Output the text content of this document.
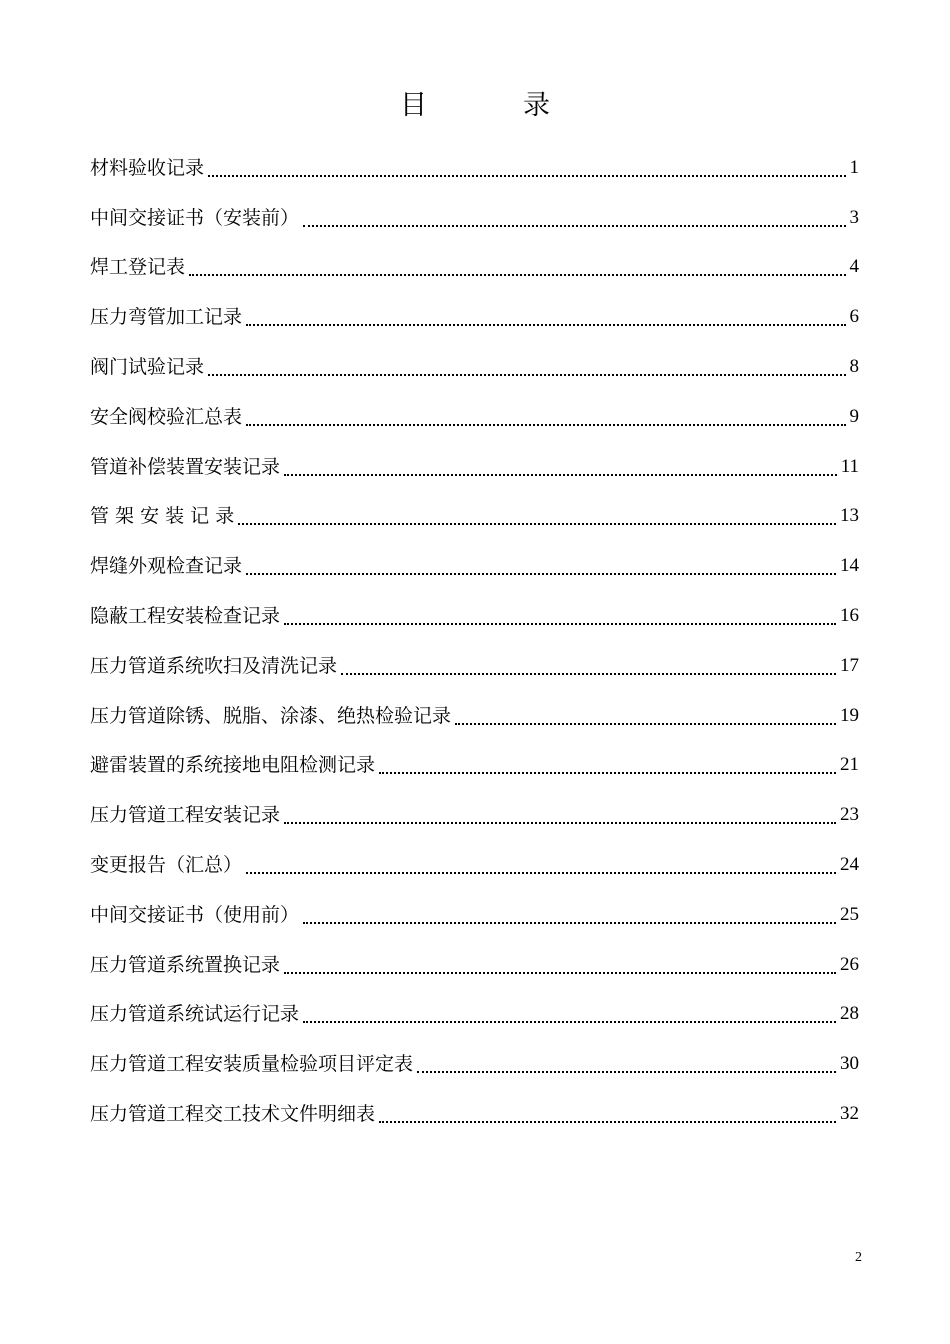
目	录
材料验收记录	1
中间交接证书（安装前）	3
焊工登记表	4
压力弯管加工记录	6
阀门试验记录	8
安全阀校验汇总表	9
管道补偿装置安装记录	11
管 架 安 装 记 录	13
焊缝外观检查记录	14
隐蔽工程安装检查记录	16
压力管道系统吹扫及清洗记录	17
压力管道除锈、脱脂、涂漆、绝热检验记录	19
避雷装置的系统接地电阻检测记录	21
压力管道工程安装记录	23
变更报告（汇总）	24
中间交接证书（使用前）	25
压力管道系统置换记录	26
压力管道系统试运行记录	28
压力管道工程安装质量检验项目评定表	30
压力管道工程交工技术文件明细表	32
2
